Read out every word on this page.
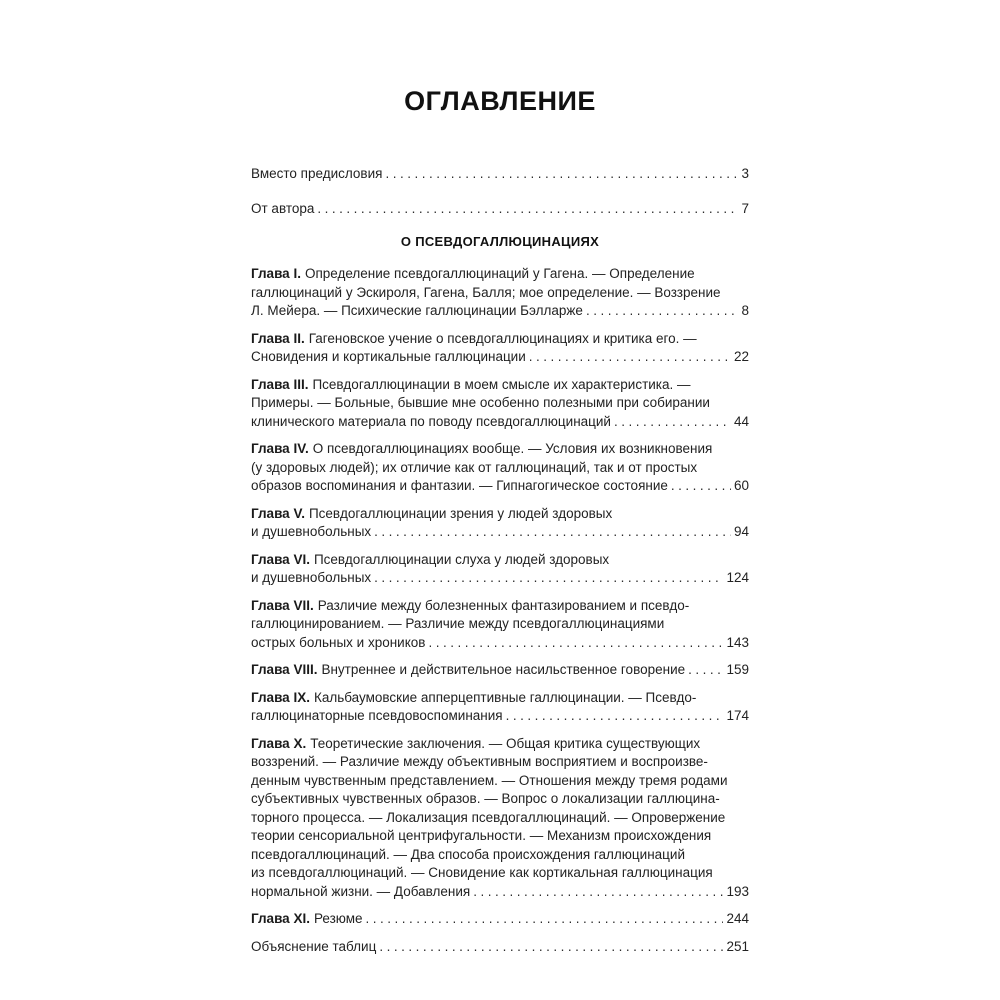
ОГЛАВЛЕНИЕ
Вместо предисловия .....	3
От автора .....	7
О ПСЕВДОГАЛЛЮЦИНАЦИЯХ

Глава I. Определение псевдогаллюцинаций у Гагена. — Определение

галлюцинаций у Эскироля, Гагена, Балля; мое определение. — Воззрение

Л. Мейера. — Психические галлюцинации Бэлларже .....	8

Глава II. Гагеновское учение о псевдогаллюцинациях и критика его. —

Сновидения и кортикальные галлюцинации .....	22

Глава III. Псевдогаллюцинации в моем смысле их характеристика. —

Примеры. — Больные, бывшие мне особенно полезными при собирании

клинического материала по поводу псевдогаллюцинаций .....	44

Глава IV. О псевдогаллюцинациях вообще. — Условия их возникновения

(у здоровых людей); их отличие как от галлюцинаций, так и от простых

образов воспоминания и фантазии. — Гипнагогическое состояние .....	60

Глава V. Псевдогаллюцинации зрения у людей здоровых

и душевнобольных .....	94

Глава VI. Псевдогаллюцинации слуха у людей здоровых

и душевнобольных .....	124

Глава VII. Различие между болезненных фантазированием и псевдо-

галлюцинированием. — Различие между псевдогаллюцинациями

острых больных и хроников .....	143
Глава VIII. Внутреннее и действительное насильственное говорение .....	159

Глава IX. Кальбаумовские апперцептивные галлюцинации. — Псевдо-

галлюцинаторные псевдовоспоминания .....	174

Глава X. Теоретические заключения. — Общая критика существующих

воззрений. — Различие между объективным восприятием и воспроизве-

денным чувственным представлением. — Отношения между тремя родами

субъективных чувственных образов. — Вопрос о локализации галлюцина-

торного процесса. — Локализация псевдогаллюцинаций. — Опровержение

теории сенсориальной центрифугальности. — Механизм происхождения

псевдогаллюцинаций. — Два способа происхождения галлюцинаций

из псевдогаллюцинаций. — Сновидение как кортикальная галлюцинация

нормальной жизни. — Добавления .....	193
Глава XI. Резюме .....	244
Объяснение таблиц .....	251
